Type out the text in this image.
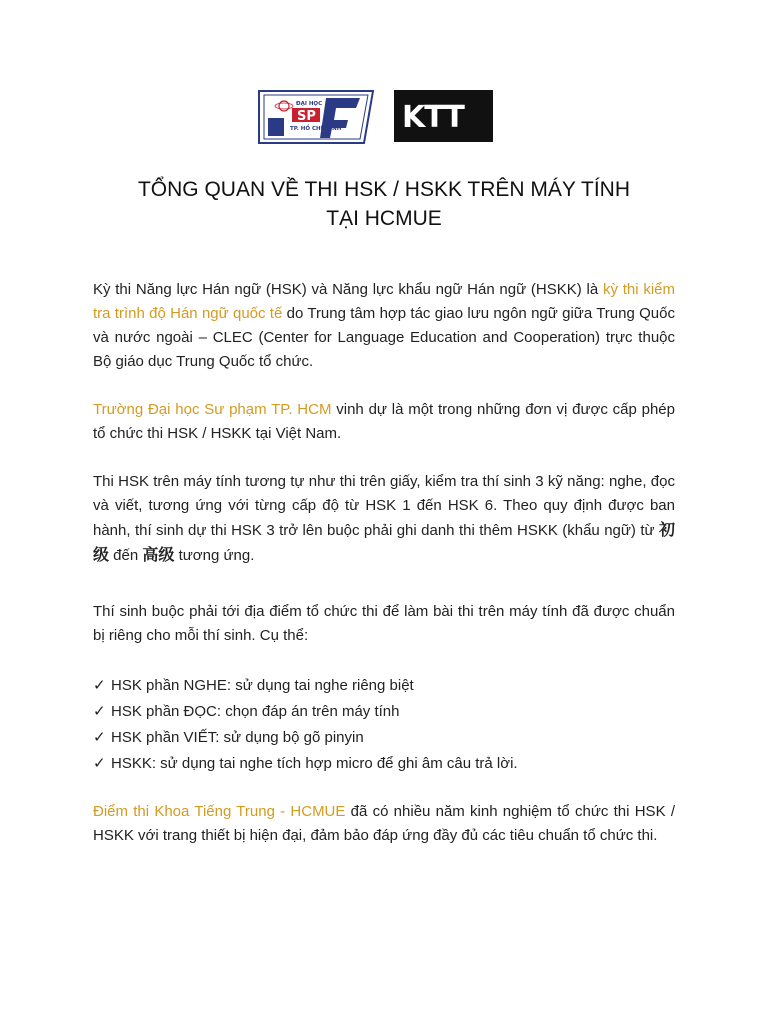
ĐẠI HỌC
SP
TP. HỒ CHÍ MINH KTT
TỔNG QUAN VỀ THI HSK / HSKK TRÊN MÁY TÍNH
TẠI HCMUE
Kỳ thi Năng lực Hán ngữ (HSK) và Năng lực khẩu ngữ Hán ngữ (HSKK) là kỳ thi kiểm tra trình độ Hán ngữ quốc tế do Trung tâm hợp tác giao lưu ngôn ngữ giữa Trung Quốc và nước ngoài – CLEC (Center for Language Education and Cooperation) trực thuộc Bộ giáo dục Trung Quốc tổ chức.
Trường Đại học Sư phạm TP. HCM vinh dự là một trong những đơn vị được cấp phép tổ chức thi HSK / HSKK tại Việt Nam.
Thi HSK trên máy tính tương tự như thi trên giấy, kiểm tra thí sinh 3 kỹ năng: nghe, đọc và viết, tương ứng với từng cấp độ từ HSK 1 đến HSK 6. Theo quy định được ban hành, thí sinh dự thi HSK 3 trở lên buộc phải ghi danh thi thêm HSKK (khẩu ngữ) từ 初级 đến 高级 tương ứng.
Thí sinh buộc phải tới địa điểm tổ chức thi để làm bài thi trên máy tính đã được chuẩn bị riêng cho mỗi thí sinh. Cụ thể:
✓ HSK phần NGHE: sử dụng tai nghe riêng biệt
✓ HSK phần ĐỌC: chọn đáp án trên máy tính
✓ HSK phần VIẾT: sử dụng bộ gõ pinyin
✓ HSKK: sử dụng tai nghe tích hợp micro để ghi âm câu trả lời.
Điểm thi Khoa Tiếng Trung - HCMUE đã có nhiều năm kinh nghiệm tổ chức thi HSK / HSKK với trang thiết bị hiện đại, đảm bảo đáp ứng đầy đủ các tiêu chuẩn tổ chức thi.
